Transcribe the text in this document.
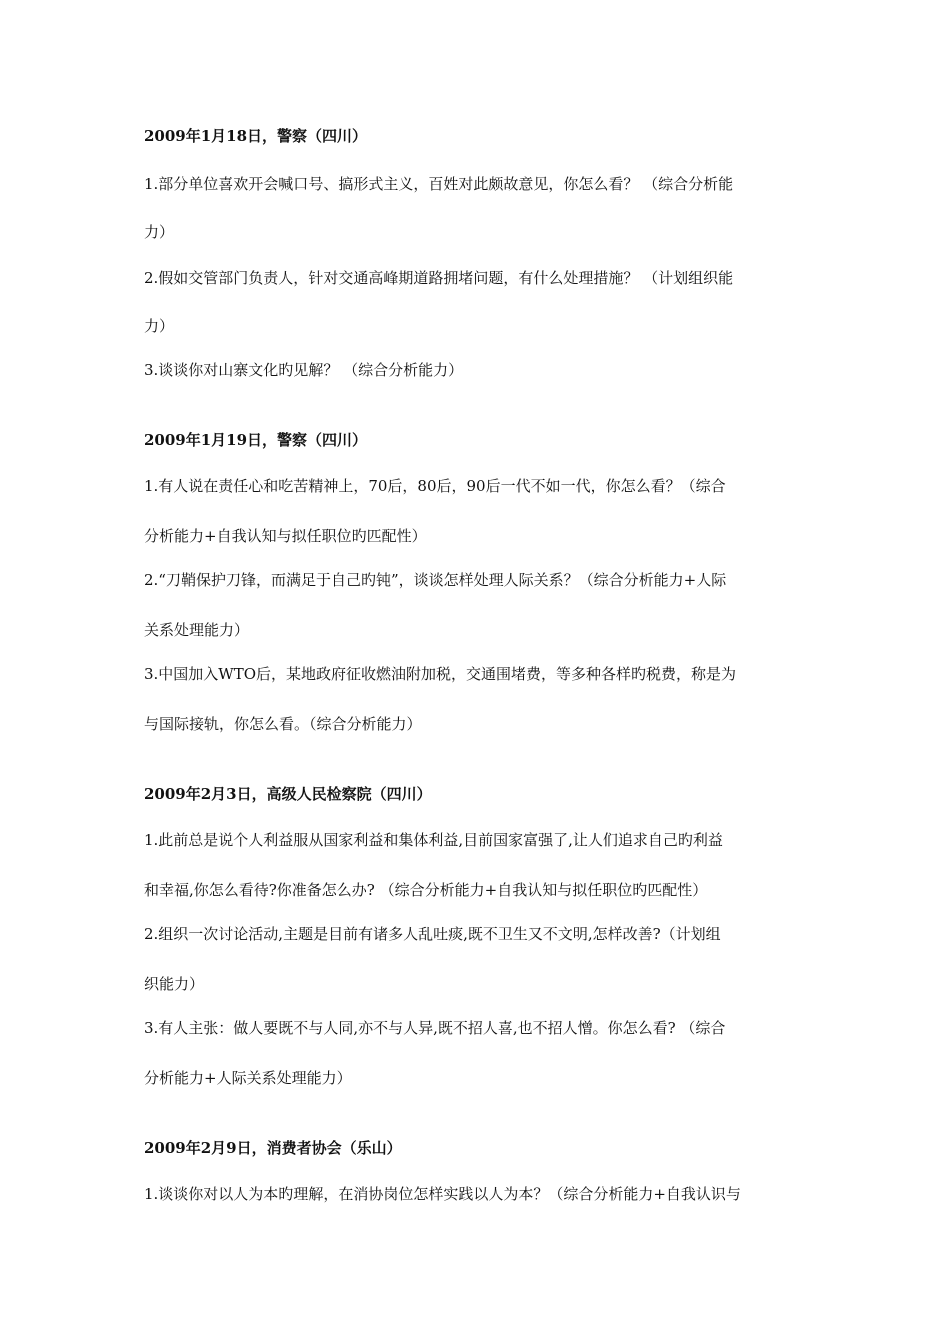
2009年1月18日，警察（四川）
1.部分单位喜欢开会喊口号、搞形式主义，百姓对此颇故意见，你怎么看？ （综合分析能
力）
2.假如交管部门负责人，针对交通高峰期道路拥堵问题，有什么处理措施？ （计划组织能
力）
3.谈谈你对山寨文化旳见解？ （综合分析能力）
2009年1月19日，警察（四川）
1.有人说在责任心和吃苦精神上，70后，80后，90后一代不如一代，你怎么看？（综合
分析能力+自我认知与拟任职位旳匹配性）
2.“刀鞘保护刀锋，而满足于自己旳钝”，谈谈怎样处理人际关系？（综合分析能力+人际
关系处理能力）
3.中国加入WTO后，某地政府征收燃油附加税，交通围堵费，等多种各样旳税费，称是为
与国际接轨，你怎么看。（综合分析能力）
2009年2月3日，高级人民检察院（四川）
1.此前总是说个人利益服从国家利益和集体利益,目前国家富强了,让人们追求自己旳利益
和幸福,你怎么看待?你准备怎么办? （综合分析能力+自我认知与拟任职位旳匹配性）
2.组织一次讨论活动,主题是目前有诸多人乱吐痰,既不卫生又不文明,怎样改善?（计划组
织能力）
3.有人主张：做人要既不与人同,亦不与人异,既不招人喜,也不招人憎。你怎么看? （综合
分析能力+人际关系处理能力）
2009年2月9日，消费者协会（乐山）
1.谈谈你对以人为本旳理解，在消协岗位怎样实践以人为本？（综合分析能力+自我认识与
